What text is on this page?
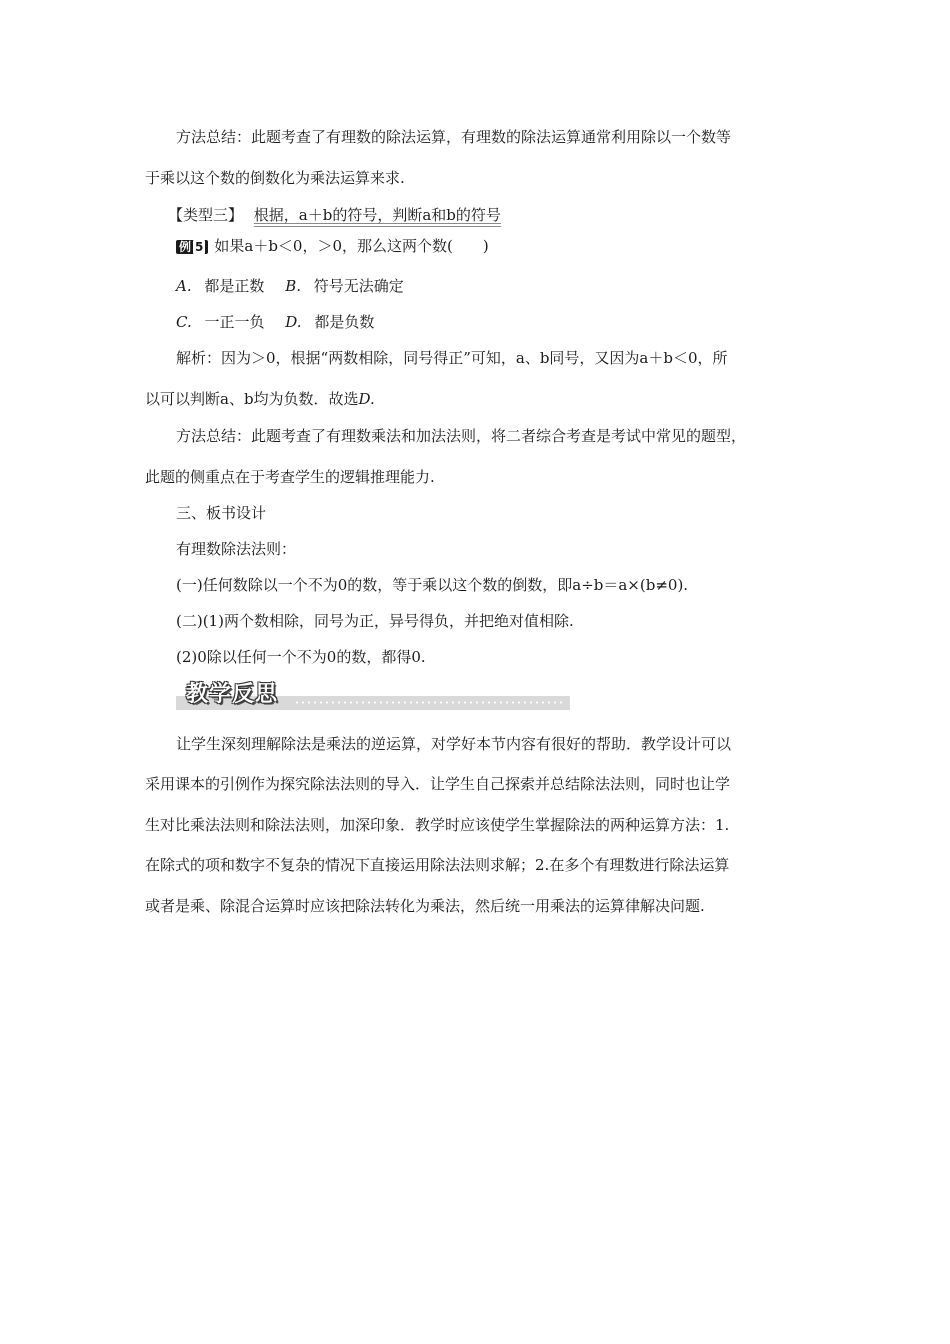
方法总结：此题考查了有理数的除法运算，有理数的除法运算通常利用除以一个数等
于乘以这个数的倒数化为乘法运算来求.
【类型三】 根据，a＋b的符号，判断a和b的符号
例 5 如果a＋b＜0，＞0，那么这两个数(　　)
A. 都是正数 B. 符号无法确定
C. 一正一负 D. 都是负数
解析：因为＞0，根据“两数相除，同号得正”可知，a、b同号，又因为a＋b＜0，所
以可以判断a、b均为负数．故选D.
方法总结：此题考查了有理数乘法和加法法则，将二者综合考查是考试中常见的题型，
此题的侧重点在于考查学生的逻辑推理能力.
三、板书设计
有理数除法法则：
(一)任何数除以一个不为0的数，等于乘以这个数的倒数，即a÷b＝a×(b≠0).
(二)(1)两个数相除，同号为正，异号得负，并把绝对值相除.
(2)0除以任何一个不为0的数，都得0.
教学反思
让学生深刻理解除法是乘法的逆运算，对学好本节内容有很好的帮助．教学设计可以
采用课本的引例作为探究除法法则的导入．让学生自己探索并总结除法法则，同时也让学
生对比乘法法则和除法法则，加深印象．教学时应该使学生掌握除法的两种运算方法：1.
在除式的项和数字不复杂的情况下直接运用除法法则求解；2.在多个有理数进行除法运算
或者是乘、除混合运算时应该把除法转化为乘法，然后统一用乘法的运算律解决问题.
